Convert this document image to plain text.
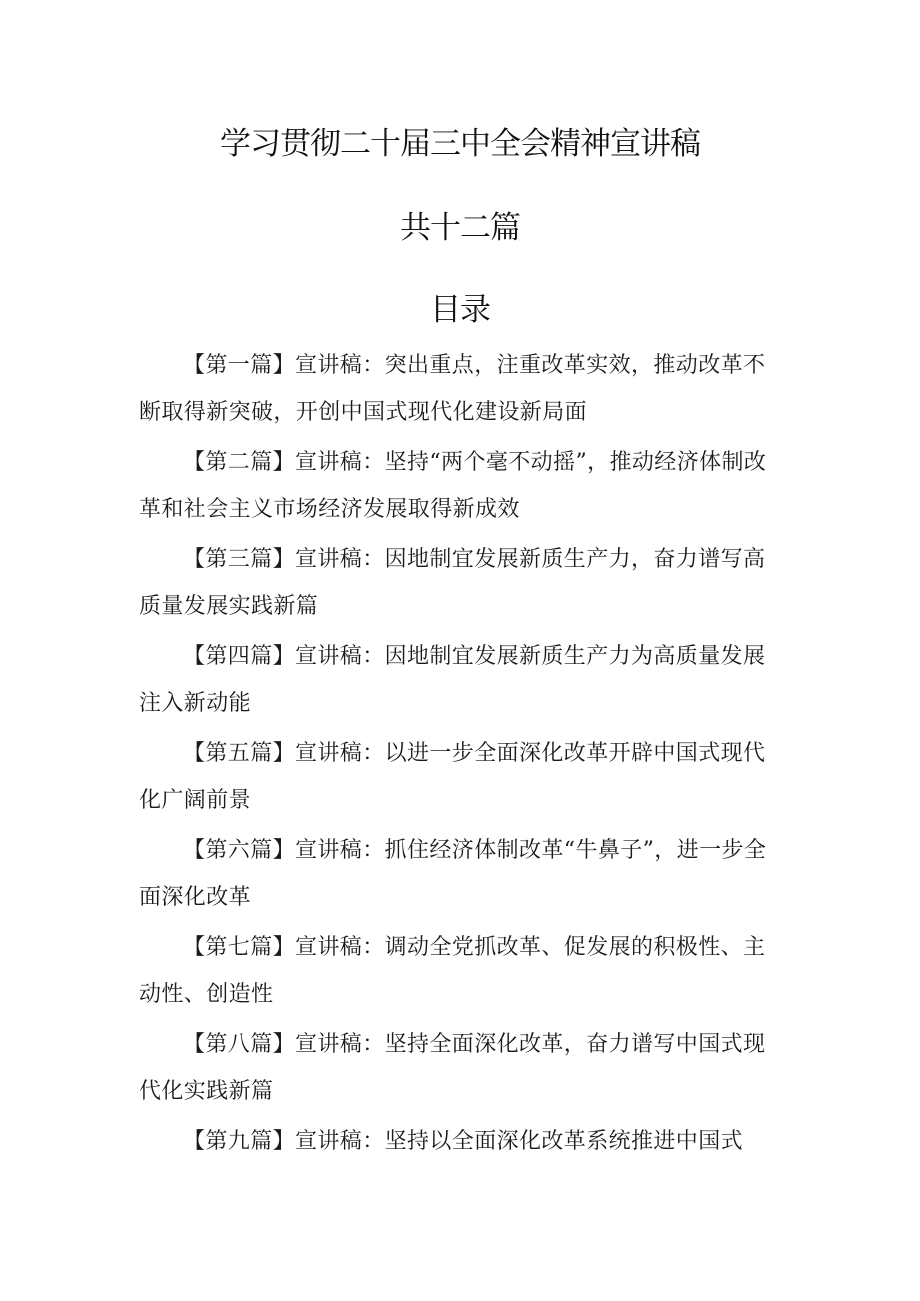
学习贯彻二十届三中全会精神宣讲稿
共十二篇
目录
【第一篇】宣讲稿：突出重点，注重改革实效，推动改革不断取得新突破，开创中国式现代化建设新局面
【第二篇】宣讲稿：坚持“两个毫不动摇”，推动经济体制改革和社会主义市场经济发展取得新成效
【第三篇】宣讲稿：因地制宜发展新质生产力，奋力谱写高质量发展实践新篇
【第四篇】宣讲稿：因地制宜发展新质生产力为高质量发展注入新动能
【第五篇】宣讲稿：以进一步全面深化改革开辟中国式现代化广阔前景
【第六篇】宣讲稿：抓住经济体制改革“牛鼻子”，进一步全面深化改革
【第七篇】宣讲稿：调动全党抓改革、促发展的积极性、主动性、创造性
【第八篇】宣讲稿：坚持全面深化改革，奋力谱写中国式现代化实践新篇
【第九篇】宣讲稿：坚持以全面深化改革系统推进中国式
